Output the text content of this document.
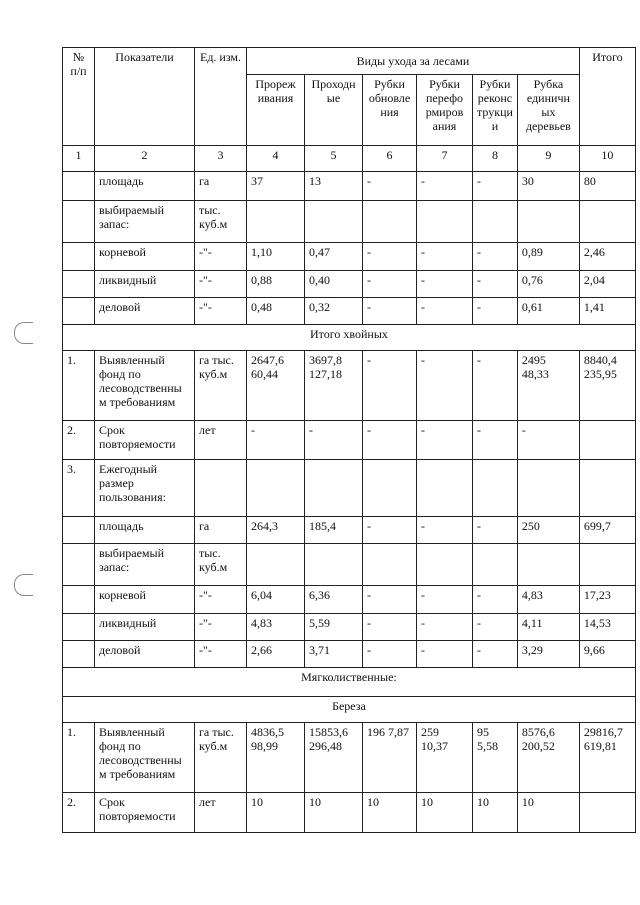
№ п/п	Показатели	Ед. изм.	Виды ухода за лесами						Итого
			Прореж ивания	Проходн ые	Рубки обновле ния	Рубки перефо рмиров ания	Рубки реконс трукци и	Рубка единичн ых деревьев	
1	2	3	4	5	6	7	8	9	10
	площадь	га	37	13	-	-	-	30	80
	выбираемый запас:	тыс. куб.м							
	корневой	-"-	1,10	0,47	-	-	-	0,89	2,46
	ликвидный	-"-	0,88	0,40	-	-	-	0,76	2,04
	деловой	-"-	0,48	0,32	-	-	-	0,61	1,41
Итого хвойных									
1.	Выявленный фонд по лесоводственны м требованиям	га тыс. куб.м	2647,6 60,44	3697,8 127,18	-	-	-	2495 48,33	8840,4 235,95
2.	Срок повторяемости	лет	-	-	-	-	-	-	
3.	Ежегодный размер пользования:								
	площадь	га	264,3	185,4	-	-	-	250	699,7
	выбираемый запас:	тыс. куб.м							
	корневой	-"-	6,04	6,36	-	-	-	4,83	17,23
	ликвидный	-"-	4,83	5,59	-	-	-	4,11	14,53
	деловой	-"-	2,66	3,71	-	-	-	3,29	9,66
Мягколиственные:									
Береза									
1.	Выявленный фонд по лесоводственны м требованиям	га тыс. куб.м	4836,5 98,99	15853,6 296,48	196 7,87	259 10,37	95 5,58	8576,6 200,52	29816,7 619,81
2.	Срок повторяемости	лет	10	10	10	10	10	10	
